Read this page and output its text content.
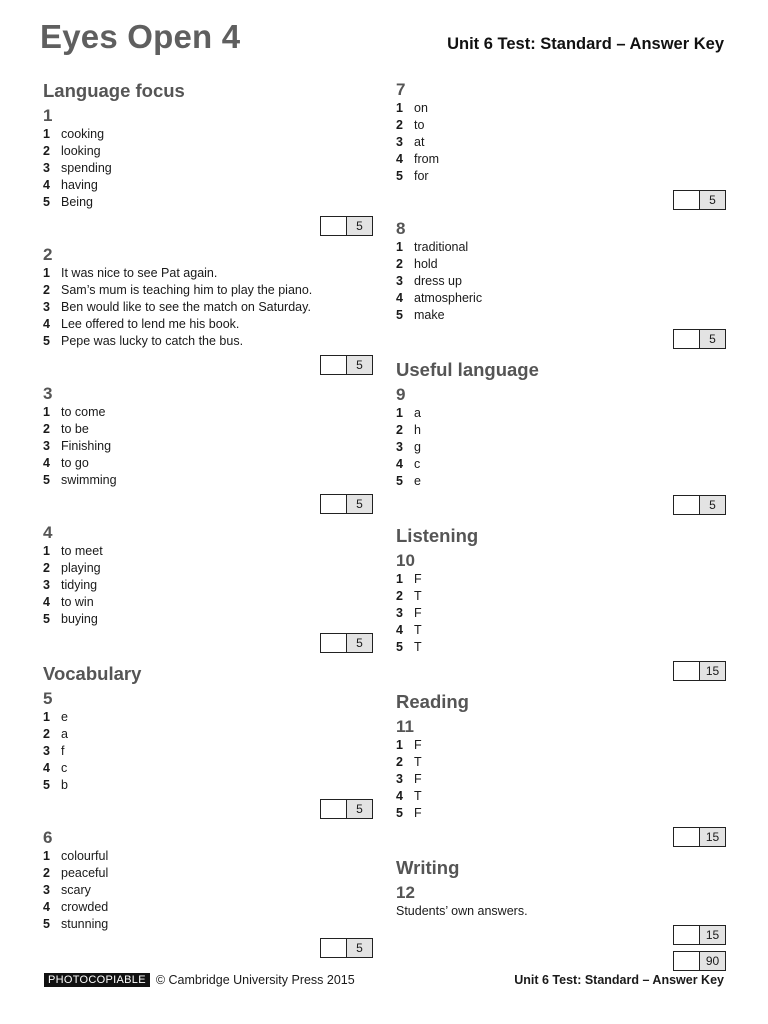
Eyes Open 4	Unit 6 Test: Standard – Answer Key
Language focus
1
1 cooking
2 looking
3 spending
4 having
5 Being
5
2
1 It was nice to see Pat again.
2 Sam’s mum is teaching him to play the piano.
3 Ben would like to see the match on Saturday.
4 Lee offered to lend me his book.
5 Pepe was lucky to catch the bus.
5
3
1 to come
2 to be
3 Finishing
4 to go
5 swimming
5
4
1 to meet
2 playing
3 tidying
4 to win
5 buying
5
Vocabulary
5
1 e
2 a
3 f
4 c
5 b
5
6
1 colourful
2 peaceful
3 scary
4 crowded
5 stunning
5
7
1 on
2 to
3 at
4 from
5 for
5
8
1 traditional
2 hold
3 dress up
4 atmospheric
5 make
5
Useful language
9
1 a
2 h
3 g
4 c
5 e
5
Listening
10
1 F
2 T
3 F
4 T
5 T
15
Reading
11
1 F
2 T
3 F
4 T
5 F
15
Writing
12
Students’ own answers.
15
90
PHOTOCOPIABLE © Cambridge University Press 2015	Unit 6 Test: Standard – Answer Key
